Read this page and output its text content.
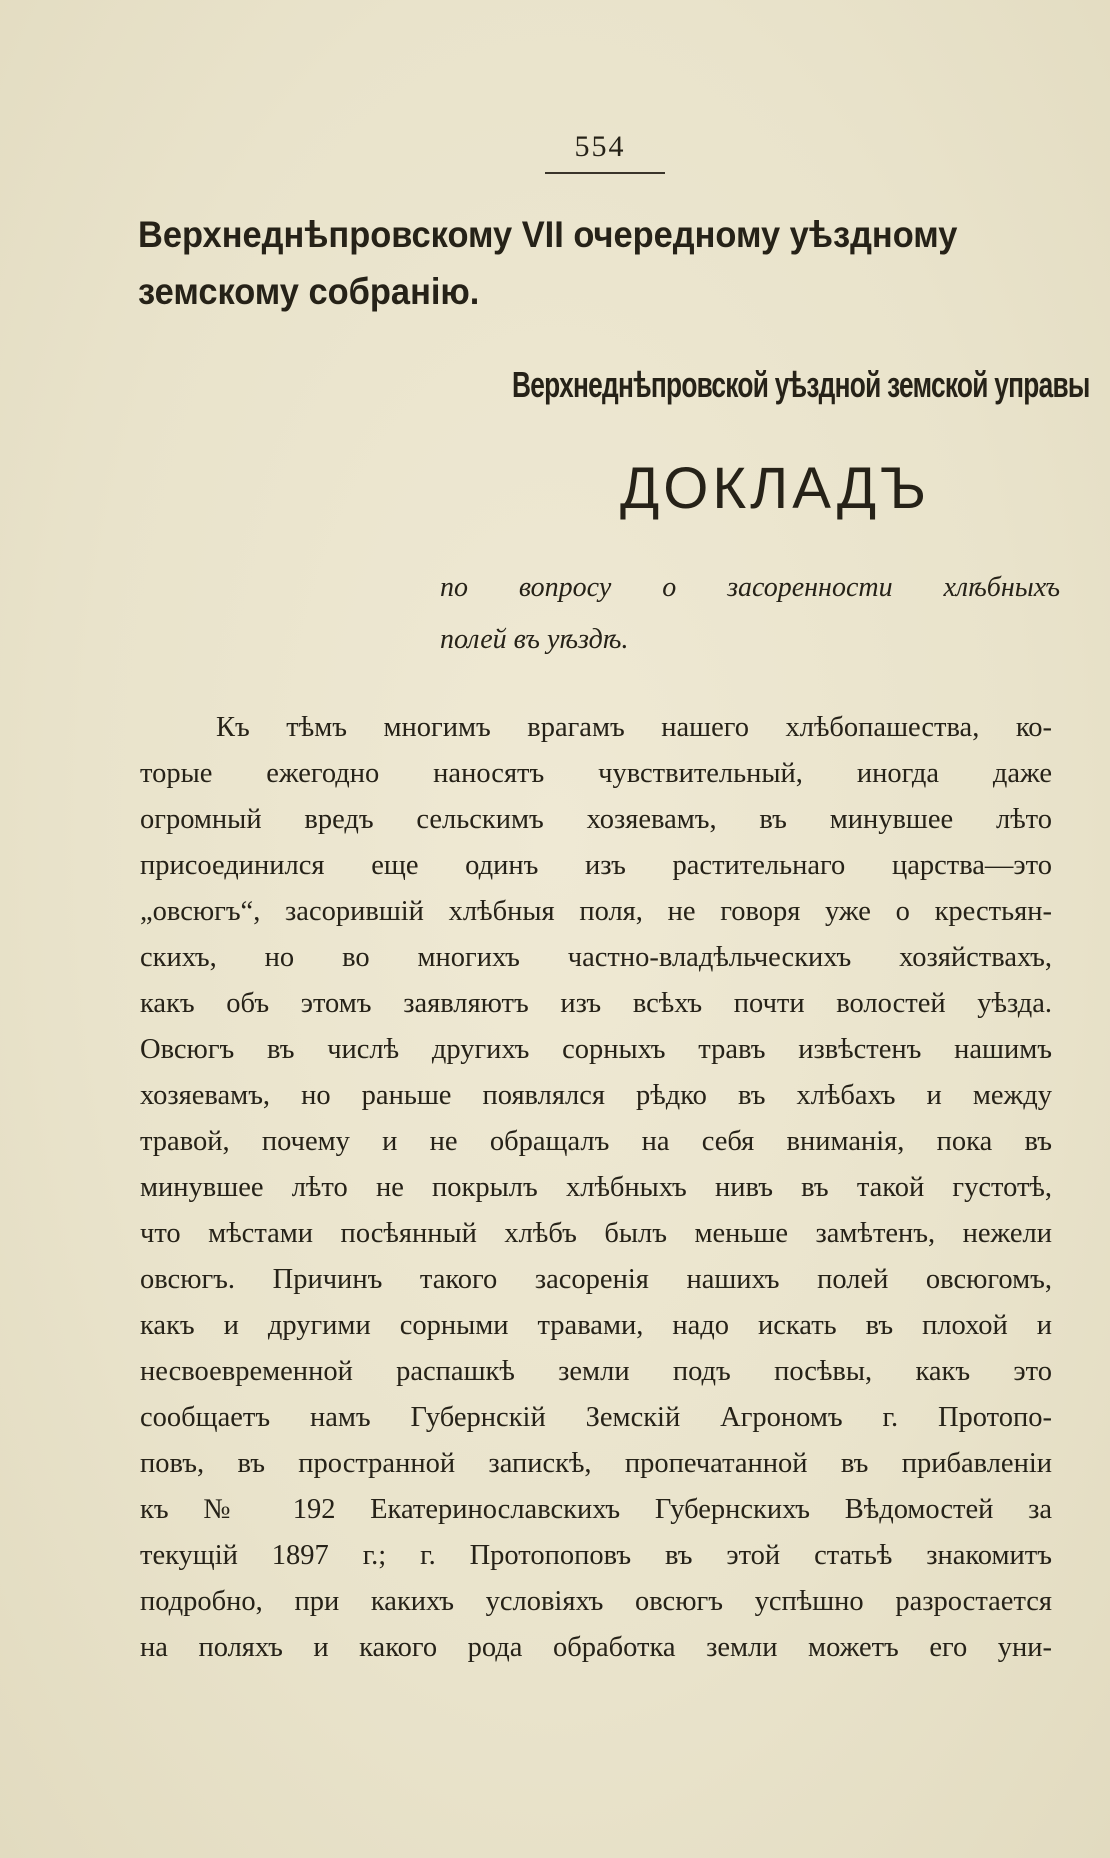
554
Верхнеднѣпровскому VII очередному уѣздному
земскому собранію.
Верхнеднѣпровской уѣздной земской управы
ДОКЛАДЪ
по вопросу о засоренности хлѣбныхъ
полей въ уѣздѣ.
Къ тѣмъ многимъ врагамъ нашего хлѣбопашества, ко-
торые ежегодно наносятъ чувствительный, иногда даже
огромный вредъ сельскимъ хозяевамъ, въ минувшее лѣто
присоединился еще одинъ изъ растительнаго царства—это
„овсюгъ“, засорившій хлѣбныя поля, не говоря уже о крестьян-
скихъ, но во многихъ частно-владѣльческихъ хозяйствахъ,
какъ объ этомъ заявляютъ изъ всѣхъ почти волостей уѣзда.
Овсюгъ въ числѣ другихъ сорныхъ травъ извѣстенъ нашимъ
хозяевамъ, но раньше появлялся рѣдко въ хлѣбахъ и между
травой, почему и не обращалъ на себя вниманія, пока въ
минувшее лѣто не покрылъ хлѣбныхъ нивъ въ такой густотѣ,
что мѣстами посѣянный хлѣбъ былъ меньше замѣтенъ, нежели
овсюгъ. Причинъ такого засоренія нашихъ полей овсюгомъ,
какъ и другими сорными травами, надо искать въ плохой и
несвоевременной распашкѣ земли подъ посѣвы, какъ это
сообщаетъ намъ Губернскій Земскій Агрономъ г. Протопо-
повъ, въ пространной запискѣ, пропечатанной въ прибавленіи
къ № 192 Екатеринославскихъ Губернскихъ Вѣдомостей за
текущій 1897 г.; г. Протопоповъ въ этой статьѣ знакомитъ
подробно, при какихъ условіяхъ овсюгъ успѣшно разростается
на поляхъ и какого рода обработка земли можетъ его уни-
